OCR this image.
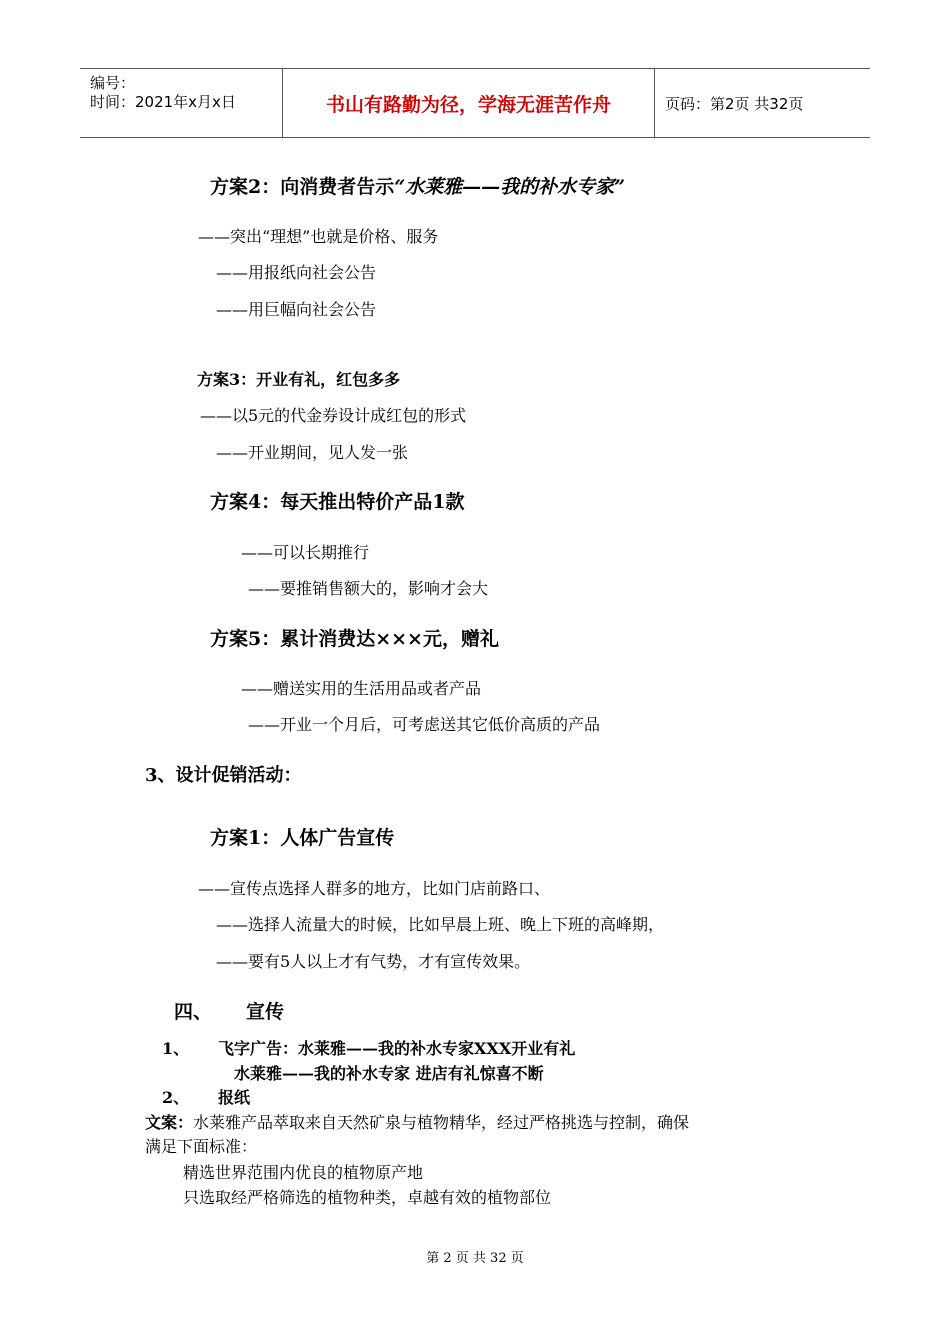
编号：
时间：2021年x月x日	书山有路勤为径，学海无涯苦作舟	页码：第2页 共32页
方案2：向消费者告示“水莱雅——我的补水专家”
——突出“理想”也就是价格、服务
——用报纸向社会公告
——用巨幅向社会公告
方案3：开业有礼，红包多多
——以5元的代金券设计成红包的形式
——开业期间，见人发一张
方案4：每天推出特价产品1款
——可以长期推行
——要推销售额大的，影响才会大
方案5：累计消费达×××元，赠礼
——赠送实用的生活用品或者产品
——开业一个月后，可考虑送其它低价高质的产品
3、设计促销活动：
方案1：人体广告宣传
——宣传点选择人群多的地方，比如门店前路口、
——选择人流量大的时候，比如早晨上班、晚上下班的高峰期，
——要有5人以上才有气势，才有宣传效果。
四、 宣传
1、 飞字广告：水莱雅——我的补水专家XXX开业有礼
水莱雅——我的补水专家 进店有礼惊喜不断
2、 报纸
文案：水莱雅产品萃取来自天然矿泉与植物精华，经过严格挑选与控制，确保
满足下面标准：
精选世界范围内优良的植物原产地
只选取经严格筛选的植物种类，卓越有效的植物部位
第 2 页 共 32 页
